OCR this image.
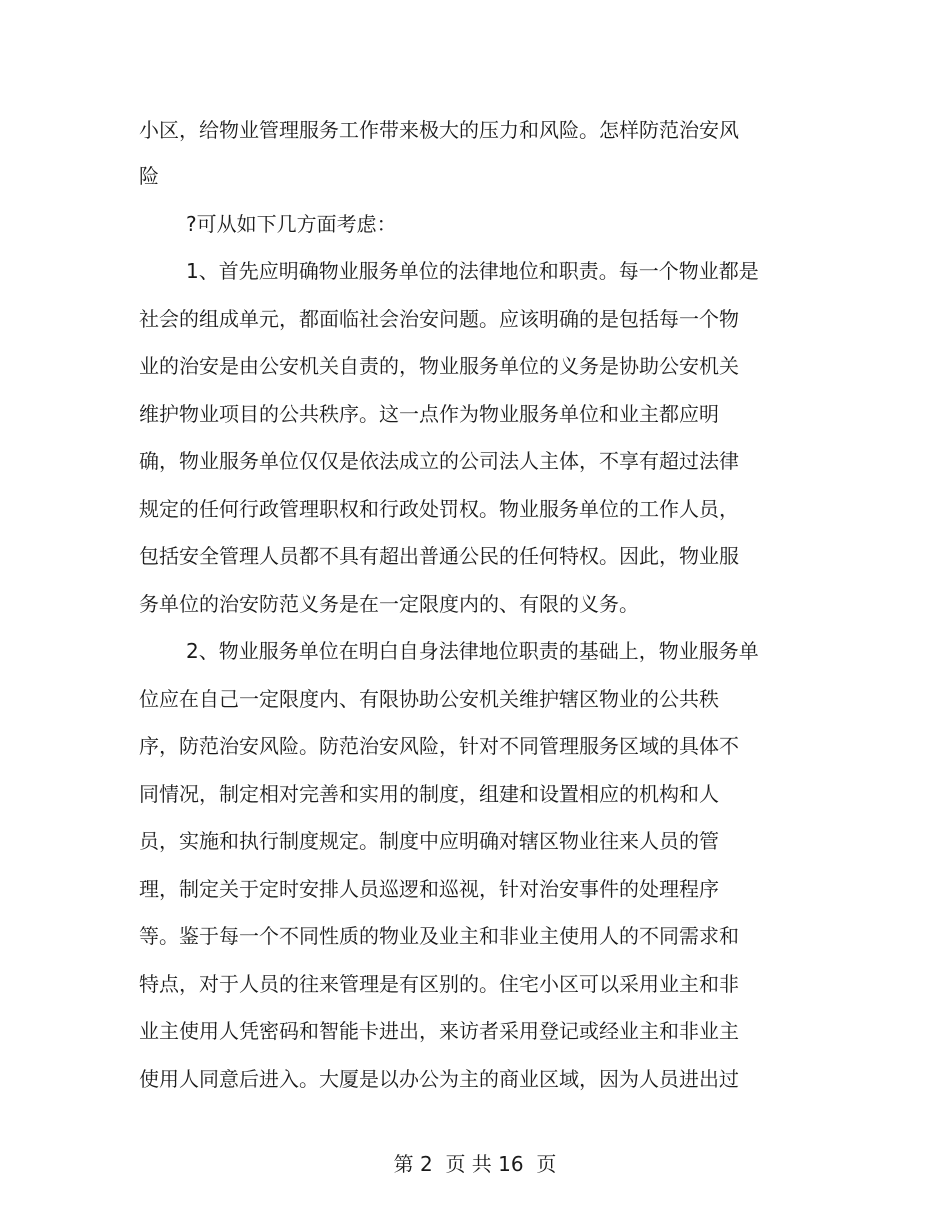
小区，给物业管理服务工作带来极大的压力和风险。怎样防范治安风
险
?可从如下几方面考虑：
1、首先应明确物业服务单位的法律地位和职责。每一个物业都是
社会的组成单元，都面临社会治安问题。应该明确的是包括每一个物
业的治安是由公安机关自责的，物业服务单位的义务是协助公安机关
维护物业项目的公共秩序。这一点作为物业服务单位和业主都应明
确，物业服务单位仅仅是依法成立的公司法人主体，不享有超过法律
规定的任何行政管理职权和行政处罚权。物业服务单位的工作人员，
包括安全管理人员都不具有超出普通公民的任何特权。因此，物业服
务单位的治安防范义务是在一定限度内的、有限的义务。
2、物业服务单位在明白自身法律地位职责的基础上，物业服务单
位应在自己一定限度内、有限协助公安机关维护辖区物业的公共秩
序，防范治安风险。防范治安风险，针对不同管理服务区域的具体不
同情况，制定相对完善和实用的制度，组建和设置相应的机构和人
员，实施和执行制度规定。制度中应明确对辖区物业往来人员的管
理，制定关于定时安排人员巡逻和巡视，针对治安事件的处理程序
等。鉴于每一个不同性质的物业及业主和非业主使用人的不同需求和
特点，对于人员的往来管理是有区别的。住宅小区可以采用业主和非
业主使用人凭密码和智能卡进出，来访者采用登记或经业主和非业主
使用人同意后进入。大厦是以办公为主的商业区域，因为人员进出过
第 2  页 共 16  页
